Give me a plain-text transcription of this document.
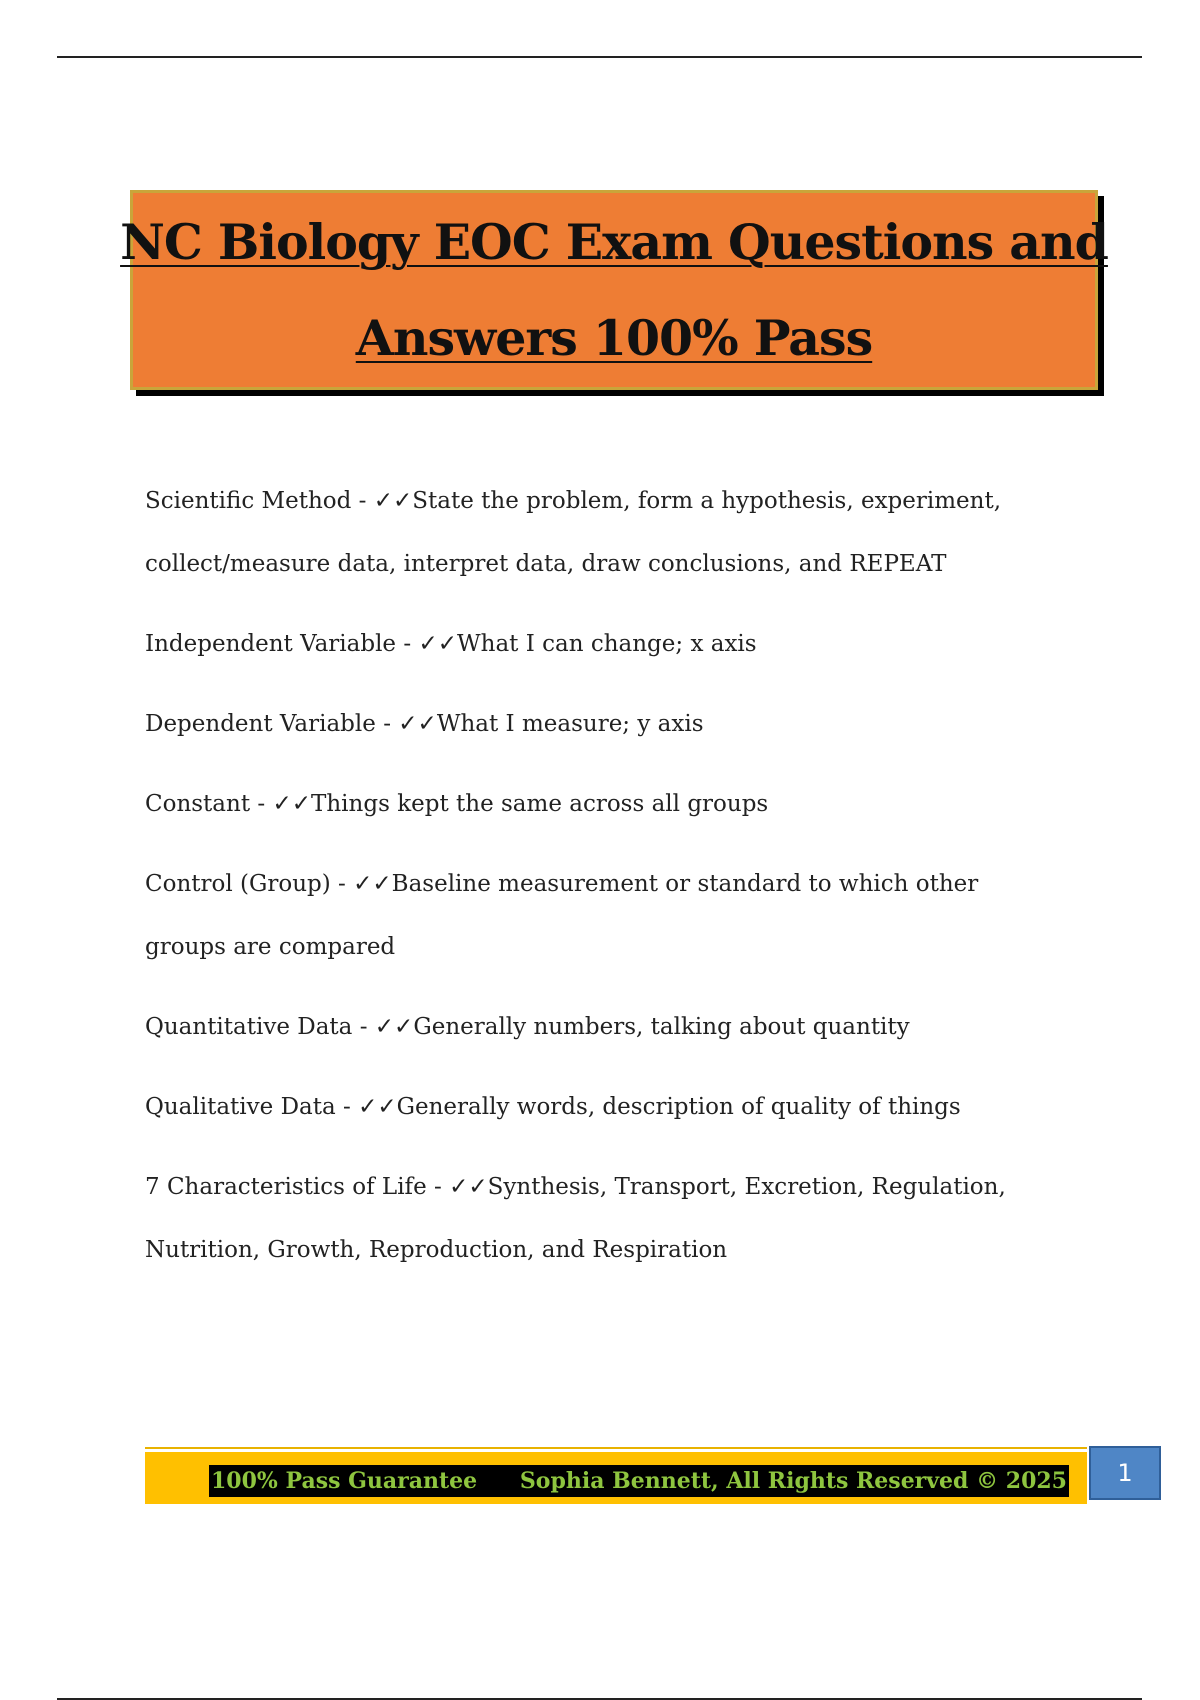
NC Biology EOC Exam Questions and
Answers 100% Pass

Scientific Method - ✓✓State the problem, form a hypothesis, experiment, collect/measure data, interpret data, draw conclusions, and REPEAT

Independent Variable - ✓✓What I can change; x axis

Dependent Variable - ✓✓What I measure; y axis

Constant - ✓✓Things kept the same across all groups

Control (Group) - ✓✓Baseline measurement or standard to which other groups are compared

Quantitative Data - ✓✓Generally numbers, talking about quantity

Qualitative Data - ✓✓Generally words, description of quality of things

7 Characteristics of Life - ✓✓Synthesis, Transport, Excretion, Regulation, Nutrition, Growth, Reproduction, and Respiration

100% Pass Guarantee Sophia Bennett, All Rights Reserved © 2025	1
